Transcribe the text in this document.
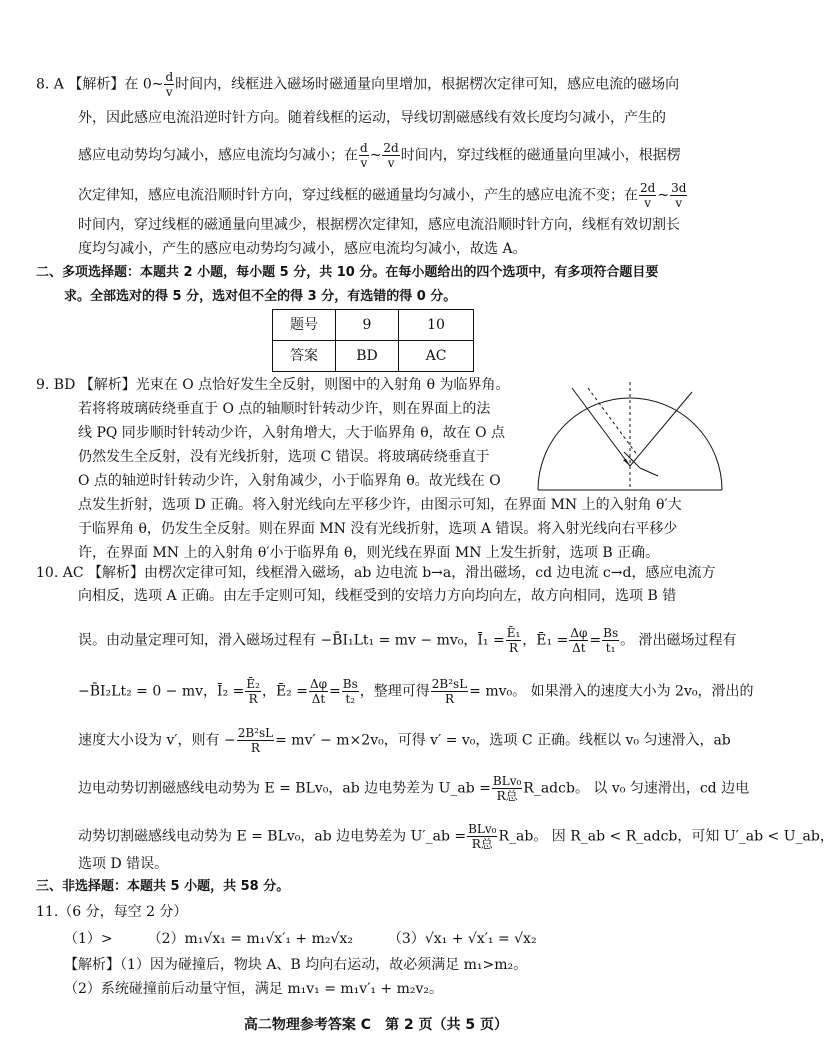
8. A 【解析】在 0~ $\frac{d}{v}$ 时间内，线框进入磁场时磁通量向里增加，根据楞次定律可知，感应电流的磁场向
外，因此感应电流沿逆时针方向。随着线框的运动，导线切割磁感线有效长度均匀减小，产生的
感应电动势均匀减小，感应电流均匀减小；在 $\frac{d}{v}$ ~ $\frac{2d}{v}$ 时间内，穿过线框的磁通量向里减小，根据楞
次定律知，感应电流沿顺时针方向，穿过线框的磁通量均匀减小，产生的感应电流不变；在 $\frac{2d}{v}$ ~ $\frac{3d}{v}$
时间内，穿过线框的磁通量向里减少，根据楞次定律知，感应电流沿顺时针方向，线框有效切割长
度均匀减小，产生的感应电动势均匀减小，感应电流均匀减小，故选 A。
二、多项选择题：本题共 2 小题，每小题 5 分，共 10 分。在每小题给出的四个选项中，有多项符合题目要
求。全部选对的得 5 分，选对但不全的得 3 分，有选错的得 0 分。
题号	9	10
答案	BD	AC
9. BD 【解析】光束在 O 点恰好发生全反射，则图中的入射角 θ 为临界角。
若将将玻璃砖绕垂直于 O 点的轴顺时针转动少许，则在界面上的法
线 PQ 同步顺时针转动少许，入射角增大，大于临界角 θ，故在 O 点
仍然发生全反射，没有光线折射，选项 C 错误。将玻璃砖绕垂直于
O 点的轴逆时针转动少许，入射角减少，小于临界角 θ。故光线在 O
点发生折射，选项 D 正确。将入射光线向左平移少许，由图示可知，在界面 MN 上的入射角 θ′大
于临界角 θ，仍发生全反射。则在界面 MN 没有光线折射，选项 A 错误。将入射光线向右平移少
许，在界面 MN 上的入射角 θ′小于临界角 θ，则光线在界面 MN 上发生折射，选项 B 正确。
10. AC 【解析】由楞次定律可知，线框滑入磁场，ab 边电流 b→a，滑出磁场，cd 边电流 c→d，感应电流方
向相反，选项 A 正确。由左手定则可知，线框受到的安培力方向均向左，故方向相同，选项 B 错
误。由动量定理可知，滑入磁场过程有 −B̄I₁Lt₁ = mv − mv₀，Ī₁ = $\frac{\text{Ē₁}}{R}$ ，Ē₁ = $\frac{\Delta\varphi}{\Delta t} = \frac{Bs}{\text{t₁}}$ 。 滑出磁场过程有
−B̄I₂Lt₂ = 0 − mv，Ī₂ = $\frac{\text{Ē₂}}{R}$ ，Ē₂ = $\frac{\Delta\varphi}{\Delta t} = \frac{Bs}{\text{t₂}}$ ，整理可得 $\frac{\text{2B²sL}}{R} = mv_0$。 如果滑入的速度大小为 2v₀，滑出的
速度大小设为 v′，则有 − $\frac{\text{2B²sL}}{R} = mv' - m\times 2v_0$，可得 v′ = v₀，选项 C 正确。线框以 v₀ 匀速滑入，ab
边电动势切割磁感线电动势为 E = BLv₀，ab 边电势差为 U_ab = $\frac{\text{BLv₀}}{\text{R总}}$ R_adcb。 以 v₀ 匀速滑出，cd 边电
动势切割磁感线电动势为 E = BLv₀，ab 边电势差为 U′_ab = $\frac{\text{BLv₀}}{\text{R总}}$ R_ab。 因 R_ab < R_adcb，可知 U′_ab < U_ab，
选项 D 错误。
三、非选择题：本题共 5 小题，共 58 分。
11.（6 分，每空 2 分）
（1）>　　　（2）m₁√x₁ = m₁√x′₁ + m₂√x₂　　　（3）√x₁ + √x′₁ = √x₂
【解析】（1）因为碰撞后，物块 A、B 均向右运动，故必须满足 m₁>m₂。
（2）系统碰撞前后动量守恒，满足 m₁v₁ = m₁v′₁ + m₂v₂。
高二物理参考答案 C　第 2 页（共 5 页）
